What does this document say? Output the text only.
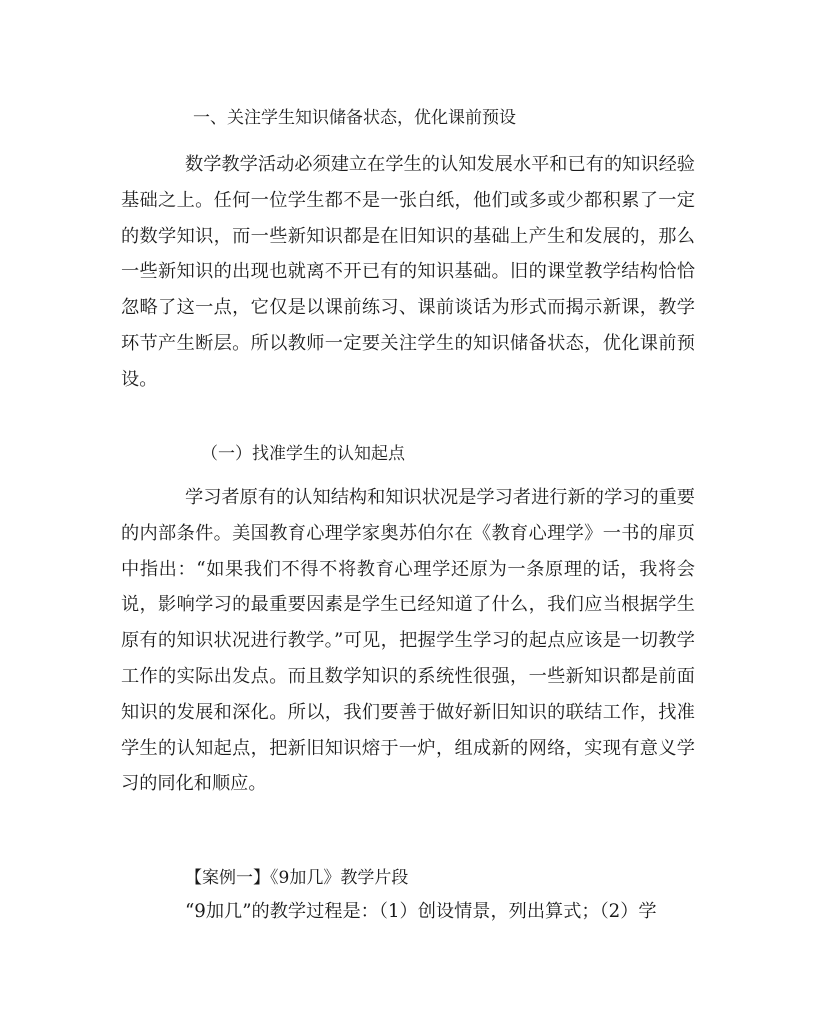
一、关注学生知识储备状态，优化课前预设

数学教学活动必须建立在学生的认知发展水平和已有的知识经验基础之上。任何一位学生都不是一张白纸，他们或多或少都积累了一定的数学知识，而一些新知识都是在旧知识的基础上产生和发展的，那么一些新知识的出现也就离不开已有的知识基础。旧的课堂教学结构恰恰忽略了这一点，它仅是以课前练习、课前谈话为形式而揭示新课，教学环节产生断层。所以教师一定要关注学生的知识储备状态，优化课前预设。

（一）找准学生的认知起点

学习者原有的认知结构和知识状况是学习者进行新的学习的重要的内部条件。美国教育心理学家奥苏伯尔在《教育心理学》一书的扉页中指出：“如果我们不得不将教育心理学还原为一条原理的话，我将会说，影响学习的最重要因素是学生已经知道了什么，我们应当根据学生原有的知识状况进行教学。”可见，把握学生学习的起点应该是一切教学工作的实际出发点。而且数学知识的系统性很强，一些新知识都是前面知识的发展和深化。所以，我们要善于做好新旧知识的联结工作，找准学生的认知起点，把新旧知识熔于一炉，组成新的网络，实现有意义学习的同化和顺应。

【案例一】《9加几》教学片段

“9加几”的教学过程是：（1）创设情景，列出算式；（2）学
